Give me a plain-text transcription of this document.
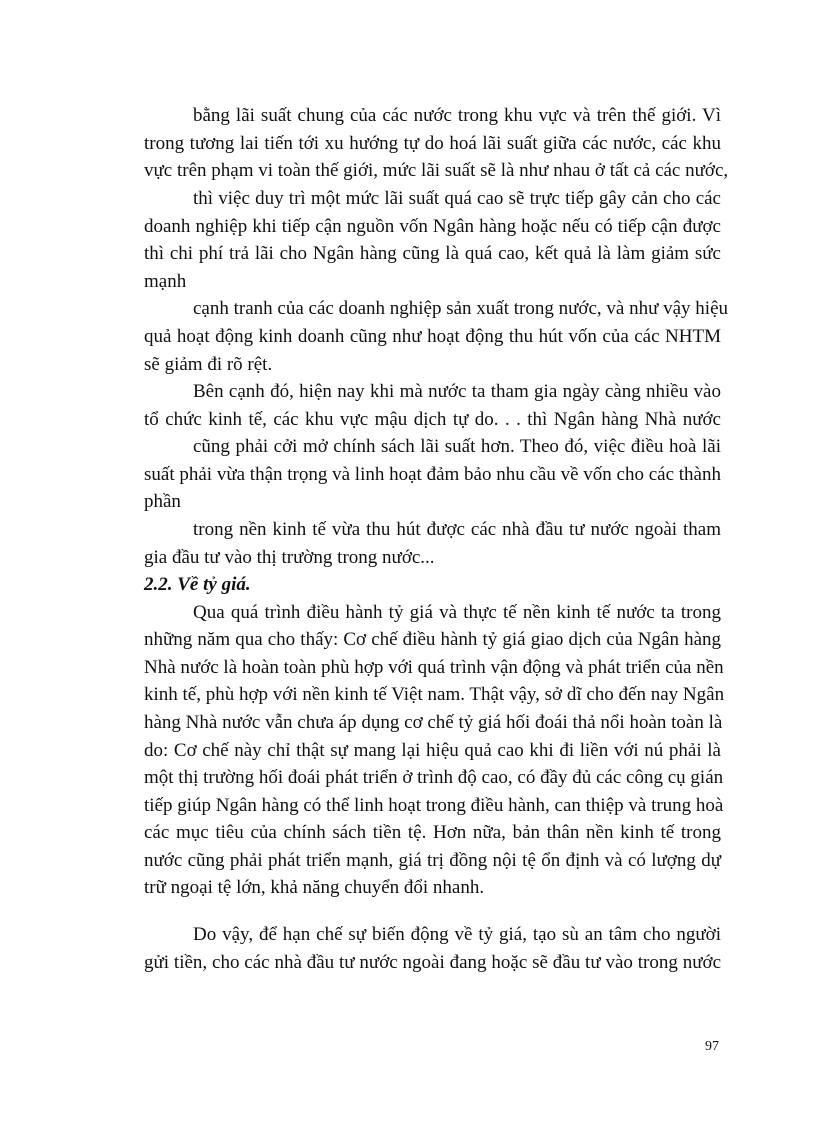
bằng lãi suất chung của các nước trong khu vực và trên thế giới. Vì
trong tương lai tiến tới xu hướng tự do hoá lãi suất giữa các nước, các khu
vực trên phạm vi toàn thế giới, mức lãi suất sẽ là như nhau ở tất cả các nước,
thì việc duy trì một mức lãi suất quá cao sẽ trực tiếp gây cản cho các
doanh nghiệp khi tiếp cận nguồn vốn Ngân hàng hoặc nếu có tiếp cận được
thì chi phí trả lãi cho Ngân hàng cũng là quá cao, kết quả là làm giảm sức
mạnh
cạnh tranh của các doanh nghiệp sản xuất trong nước, và như vậy hiệu
quả hoạt động kinh doanh cũng như hoạt động thu hút vốn của các NHTM
sẽ giảm đi rõ rệt.
Bên cạnh đó, hiện nay khi mà nước ta tham gia ngày càng nhiều vào
tổ chức kinh tế, các khu vực mậu dịch tự do. . . thì Ngân hàng Nhà nước
cũng phải cởi mở chính sách lãi suất hơn. Theo đó, việc điều hoà lãi
suất phải vừa thận trọng và linh hoạt đảm bảo nhu cầu về vốn cho các thành
phần
trong nền kinh tế vừa thu hút được các nhà đầu tư nước ngoài tham
gia đầu tư vào thị trường trong nước...
2.2. Về tỷ giá.
Qua quá trình điều hành tỷ giá và thực tế nền kinh tế nước ta trong
những năm qua cho thấy: Cơ chế điều hành tỷ giá giao dịch của Ngân hàng
Nhà nước là hoàn toàn phù hợp với quá trình vận động và phát triển của nền
kinh tế, phù hợp với nền kinh tế Việt nam. Thật vậy, sở dĩ cho đến nay Ngân
hàng Nhà nước vẫn chưa áp dụng cơ chế tỷ giá hối đoái thả nổi hoàn toàn là
do: Cơ chế này chỉ thật sự mang lại hiệu quả cao khi đi liền với nú phải là
một thị trường hối đoái phát triển ở trình độ cao, có đầy đủ các công cụ gián
tiếp giúp Ngân hàng có thể linh hoạt trong điều hành, can thiệp và trung hoà
các mục tiêu của chính sách tiền tệ. Hơn nữa, bản thân nền kinh tế trong
nước cũng phải phát triển mạnh, giá trị đồng nội tệ ổn định và có lượng dự
trữ ngoại tệ lớn, khả năng chuyển đổi nhanh.
Do vậy, để hạn chế sự biến động về tỷ giá, tạo sù an tâm cho người
gửi tiền, cho các nhà đầu tư nước ngoài đang hoặc sẽ đầu tư vào trong nước
97
